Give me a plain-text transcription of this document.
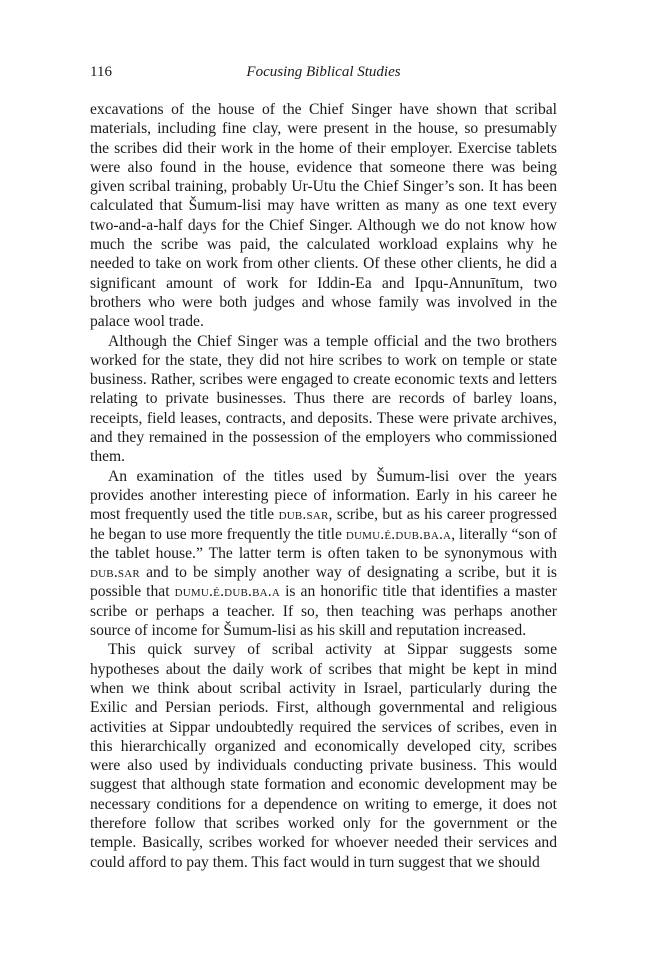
116	Focusing Biblical Studies

excavations of the house of the Chief Singer have shown that scribal materials, including fine clay, were present in the house, so presumably the scribes did their work in the home of their employer. Exercise tablets were also found in the house, evidence that someone there was being given scribal training, probably Ur-Utu the Chief Singer’s son. It has been calculated that Šumum-lisi may have written as many as one text every two-and-a-half days for the Chief Singer. Although we do not know how much the scribe was paid, the calculated workload explains why he needed to take on work from other clients. Of these other clients, he did a significant amount of work for Iddin-Ea and Ipqu-Annunītum, two brothers who were both judges and whose family was involved in the palace wool trade.

Although the Chief Singer was a temple official and the two brothers worked for the state, they did not hire scribes to work on temple or state business. Rather, scribes were engaged to create economic texts and letters relating to private businesses. Thus there are records of barley loans, receipts, field leases, contracts, and deposits. These were private archives, and they remained in the possession of the employers who commissioned them.

An examination of the titles used by Šumum-lisi over the years provides another interesting piece of information. Early in his career he most frequently used the title dub.sar, scribe, but as his career progressed he began to use more frequently the title dumu.é.dub.ba.a, literally “son of the tablet house.” The latter term is often taken to be synonymous with dub.sar and to be simply another way of designating a scribe, but it is possible that dumu.é.dub.ba.a is an honorific title that identifies a master scribe or perhaps a teacher. If so, then teaching was perhaps another source of income for Šumum-lisi as his skill and reputation increased.

This quick survey of scribal activity at Sippar suggests some hypotheses about the daily work of scribes that might be kept in mind when we think about scribal activity in Israel, particularly during the Exilic and Persian periods. First, although governmental and religious activities at Sippar undoubtedly required the services of scribes, even in this hierarchically organized and economically developed city, scribes were also used by individuals conducting private business. This would suggest that although state formation and economic development may be necessary conditions for a dependence on writing to emerge, it does not therefore follow that scribes worked only for the government or the temple. Basically, scribes worked for whoever needed their services and could afford to pay them. This fact would in turn suggest that we should
